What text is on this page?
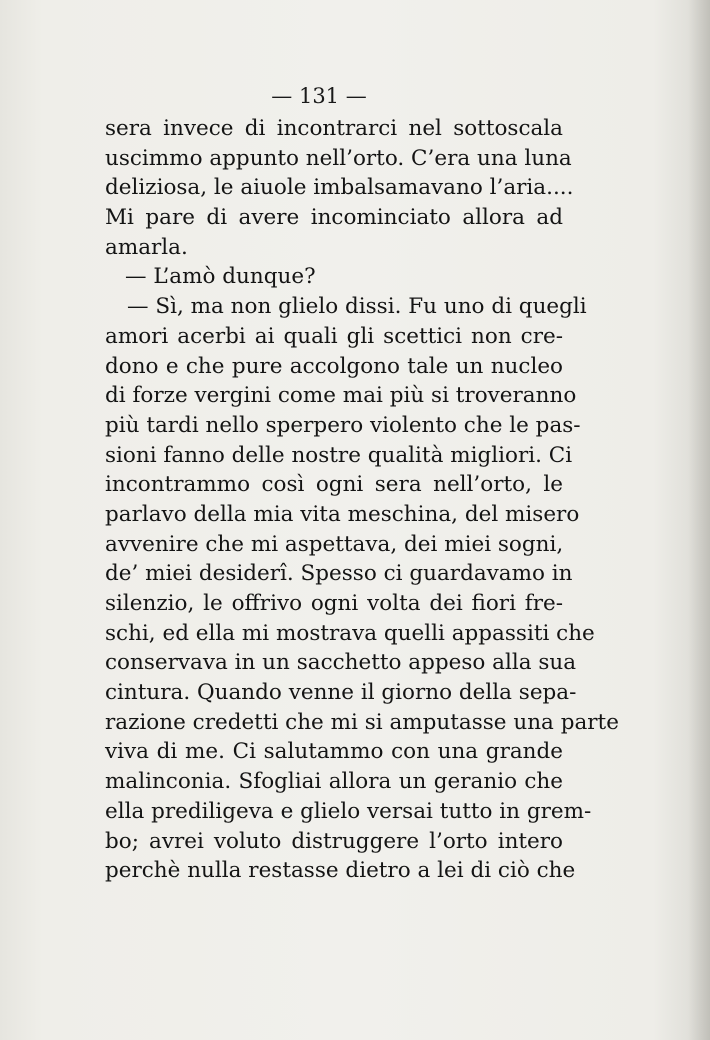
— 131 —
sera invece di incontrarci nel sottoscala
uscimmo appunto nell’orto. C’era una luna
deliziosa, le aiuole imbalsamavano l’aria....
Mi pare di avere incominciato allora ad
amarla.
— L’amò dunque?
— Sì, ma non glielo dissi. Fu uno di quegli
amori acerbi ai quali gli scettici non cre-
dono e che pure accolgono tale un nucleo
di forze vergini come mai più si troveranno
più tardi nello sperpero violento che le pas-
sioni fanno delle nostre qualità migliori. Ci
incontrammo così ogni sera nell’orto, le
parlavo della mia vita meschina, del misero
avvenire che mi aspettava, dei miei sogni,
de’ miei desiderî. Spesso ci guardavamo in
silenzio, le offrivo ogni volta dei fiori fre-
schi, ed ella mi mostrava quelli appassiti che
conservava in un sacchetto appeso alla sua
cintura. Quando venne il giorno della sepa-
razione credetti che mi si amputasse una parte
viva di me. Ci salutammo con una grande
malinconia. Sfogliai allora un geranio che
ella prediligeva e glielo versai tutto in grem-
bo; avrei voluto distruggere l’orto intero
perchè nulla restasse dietro a lei di ciò che
